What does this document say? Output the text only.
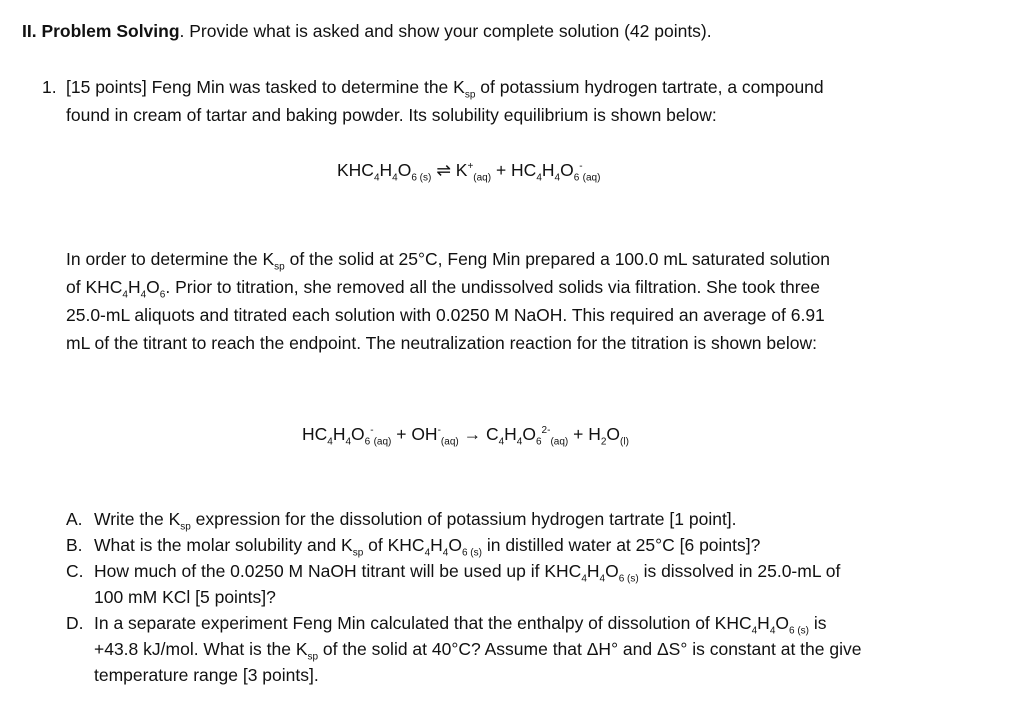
II. Problem Solving. Provide what is asked and show your complete solution (42 points).
1. [15 points] Feng Min was tasked to determine the $K_{sp}$ of potassium hydrogen tartrate, a compound
found in cream of tartar and baking powder. Its solubility equilibrium is shown below:
$KHC_4H_4O_6$ $_{(s)}$ ⇌ $K^+_{(aq)} + HC_4H_4O_6^-_{(aq)}$
In order to determine the $K_{sp}$ of the solid at 25°C, Feng Min prepared a 100.0 mL saturated solution
of $KHC_4H_4O_6$. Prior to titration, she removed all the undissolved solids via filtration. She took three
25.0-mL aliquots and titrated each solution with 0.0250 M NaOH. This required an average of 6.91
mL of the titrant to reach the endpoint. The neutralization reaction for the titration is shown below:
$HC_4H_4O_6^-_{(aq)} + OH^-_{(aq)} \to C_4H_4O_6^{2-}_{(aq)} + H_2O_{(l)}$
A. Write the $K_{sp}$ expression for the dissolution of potassium hydrogen tartrate [1 point].
B. What is the molar solubility and $K_{sp}$ of $KHC_4H_4O_{6 (s)}$ in distilled water at 25°C [6 points]?
C. How much of the 0.0250 M NaOH titrant will be used up if $KHC_4H_4O_{6 (s)}$ is dissolved in 25.0-mL of
100 mM KCl [5 points]?
D. In a separate experiment Feng Min calculated that the enthalpy of dissolution of $KHC_4H_4O_{6 (s)}$ is
+43.8 kJ/mol. What is the $K_{sp}$ of the solid at 40°C? Assume that ΔH° and ΔS° is constant at the give
temperature range [3 points].
